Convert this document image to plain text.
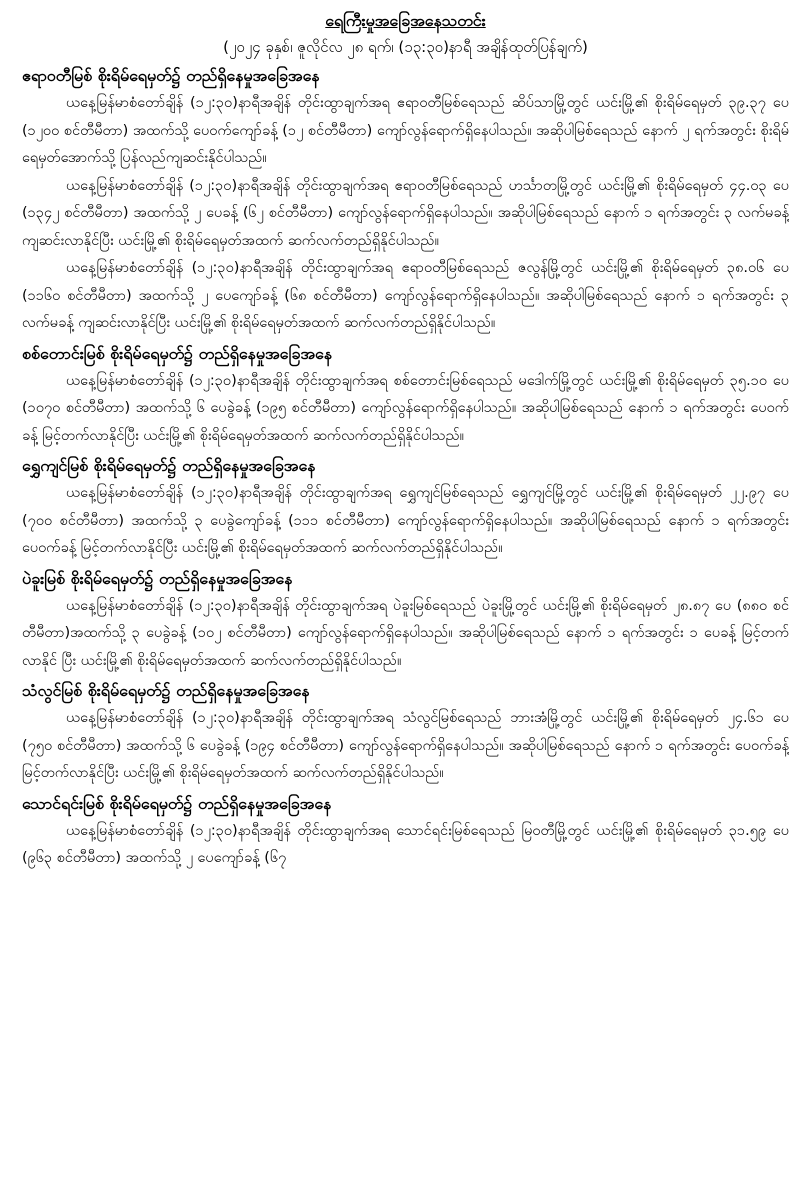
ရေကြီးမှုအခြေအနေသတင်း

(၂၀၂၄ ခုနှစ်၊ ဇူလိုင်လ ၂၈ ရက်၊ (၁၃:၃၀)နာရီ အချိန်ထုတ်ပြန်ချက်)

ဧရာဝတီမြစ် စိုးရိမ်ရေမှတ်၌ တည်ရှိနေမှုအခြေအနေ

ယနေ့မြန်မာစံတော်ချိန် (၁၂:၃၀)နာရီအချိန် တိုင်းထွာချက်အရ ဧရာဝတီမြစ်ရေသည် ဆိပ်သာမြို့တွင် ယင်းမြို့၏ စိုးရိမ်ရေမှတ် ၃၉.၃၇ ပေ (၁၂၀၀ စင်တီမီတာ) အထက်သို့ ပေ၀က်ကျော်ခန့် (၁၂ စင်တီမီတာ) ကျော်လွန်ရောက်ရှိနေပါသည်။ အဆိုပါမြစ်ရေသည် နောက် ၂ ရက်အတွင်း စိုးရိမ်ရေမှတ်အောက်သို့ ပြန်လည်ကျဆင်းနိုင်ပါသည်။

ယနေ့မြန်မာစံတော်ချိန် (၁၂:၃၀)နာရီအချိန် တိုင်းထွာချက်အရ ဧရာဝတီမြစ်ရေသည် ဟင်္သာတမြို့တွင် ယင်းမြို့၏ စိုးရိမ်ရေမှတ် ၄၄.၀၃ ပေ (၁၃၄၂ စင်တီမီတာ) အထက်သို့ ၂ ပေခန့် (၆၂ စင်တီမီတာ) ကျော်လွန်ရောက်ရှိနေပါသည်။ အဆိုပါမြစ်ရေသည် နောက် ၁ ရက်အတွင်း ၃ လက်မခန့် ကျဆင်းလာနိုင်ပြီး ယင်းမြို့၏ စိုးရိမ်ရေမှတ်အထက် ဆက်လက်တည်ရှိနိုင်ပါသည်။

ယနေ့မြန်မာစံတော်ချိန် (၁၂:၃၀)နာရီအချိန် တိုင်းထွာချက်အရ ဧရာဝတီမြစ်ရေသည် ဇလွန်မြို့တွင် ယင်းမြို့၏ စိုးရိမ်ရေမှတ် ၃၈.၀၆ ပေ (၁၁၆၀ စင်တီမီတာ) အထက်သို့ ၂ ပေကျော်ခန့် (၆၈ စင်တီမီတာ) ကျော်လွန်ရောက်ရှိနေပါသည်။ အဆိုပါမြစ်ရေသည် နောက် ၁ ရက်အတွင်း ၃ လက်မခန့် ကျဆင်းလာနိုင်ပြီး ယင်းမြို့၏ စိုးရိမ်ရေမှတ်အထက် ဆက်လက်တည်ရှိနိုင်ပါသည်။

စစ်တောင်းမြစ် စိုးရိမ်ရေမှတ်၌ တည်ရှိနေမှုအခြေအနေ

ယနေ့မြန်မာစံတော်ချိန် (၁၂:၃၀)နာရီအချိန် တိုင်းထွာချက်အရ စစ်တောင်းမြစ်ရေသည် မဒေါက်မြို့တွင် ယင်းမြို့၏ စိုးရိမ်ရေမှတ် ၃၅.၁၀ ပေ (၁၀၇၀ စင်တီမီတာ) အထက်သို့ ၆ ပေခွဲခန့် (၁၉၅ စင်တီမီတာ) ကျော်လွန်ရောက်ရှိနေပါသည်။ အဆိုပါမြစ်ရေသည် နောက် ၁ ရက်အတွင်း ပေ၀က်ခန့် မြင့်တက်လာနိုင်ပြီး ယင်းမြို့၏ စိုးရိမ်ရေမှတ်အထက် ဆက်လက်တည်ရှိနိုင်ပါသည်။

ရွှေကျင်မြစ် စိုးရိမ်ရေမှတ်၌ တည်ရှိနေမှုအခြေအနေ

ယနေ့မြန်မာစံတော်ချိန် (၁၂:၃၀)နာရီအချိန် တိုင်းထွာချက်အရ ရွှေကျင်မြစ်ရေသည် ရွှေကျင်မြို့တွင် ယင်းမြို့၏ စိုးရိမ်ရေမှတ် ၂၂.၉၇ ပေ (၇၀၀ စင်တီမီတာ) အထက်သို့ ၃ ပေခွဲကျော်ခန့် (၁၁၁ စင်တီမီတာ) ကျော်လွန်ရောက်ရှိနေပါသည်။ အဆိုပါမြစ်ရေသည် နောက် ၁ ရက်အတွင်း ပေ၀က်ခန့် မြင့်တက်လာနိုင်ပြီး ယင်းမြို့၏ စိုးရိမ်ရေမှတ်အထက် ဆက်လက်တည်ရှိနိုင်ပါသည်။

ပဲခူးမြစ် စိုးရိမ်ရေမှတ်၌ တည်ရှိနေမှုအခြေအနေ

ယနေ့မြန်မာစံတော်ချိန် (၁၂:၃၀)နာရီအချိန် တိုင်းထွာချက်အရ ပဲခူးမြစ်ရေသည် ပဲခူးမြို့တွင် ယင်းမြို့၏ စိုးရိမ်ရေမှတ် ၂၈.၈၇ ပေ (၈၈၀ စင်တီမီတာ)အထက်သို့ ၃ ပေခွဲခန့် (၁၀၂ စင်တီမီတာ) ကျော်လွန်ရောက်ရှိနေပါသည်။ အဆိုပါမြစ်ရေသည် နောက် ၁ ရက်အတွင်း ၁ ပေခန့် မြင့်တက်လာနိုင် ပြီး ယင်းမြို့၏ စိုးရိမ်ရေမှတ်အထက် ဆက်လက်တည်ရှိနိုင်ပါသည်။

သံလွင်မြစ် စိုးရိမ်ရေမှတ်၌ တည်ရှိနေမှုအခြေအနေ

ယနေ့မြန်မာစံတော်ချိန် (၁၂:၃၀)နာရီအချိန် တိုင်းထွာချက်အရ သံလွင်မြစ်ရေသည် ဘားအံမြို့တွင် ယင်းမြို့၏ စိုးရိမ်ရေမှတ် ၂၄.၆၁ ပေ (၇၅၀ စင်တီမီတာ) အထက်သို့ ၆ ပေခွဲခန့် (၁၉၄ စင်တီမီတာ) ကျော်လွန်ရောက်ရှိနေပါသည်။ အဆိုပါမြစ်ရေသည် နောက် ၁ ရက်အတွင်း ပေ၀က်ခန့် မြင့်တက်လာနိုင်ပြီး ယင်းမြို့၏ စိုးရိမ်ရေမှတ်အထက် ဆက်လက်တည်ရှိနိုင်ပါသည်။

သောင်ရင်းမြစ် စိုးရိမ်ရေမှတ်၌ တည်ရှိနေမှုအခြေအနေ

ယနေ့မြန်မာစံတော်ချိန် (၁၂:၃၀)နာရီအချိန် တိုင်းထွာချက်အရ သောင်ရင်းမြစ်ရေသည် မြဝတီမြို့တွင် ယင်းမြို့၏ စိုးရိမ်ရေမှတ် ၃၁.၅၉ ပေ (၉၆၃ စင်တီမီတာ) အထက်သို့ ၂ ပေကျော်ခန့် (၆၇
